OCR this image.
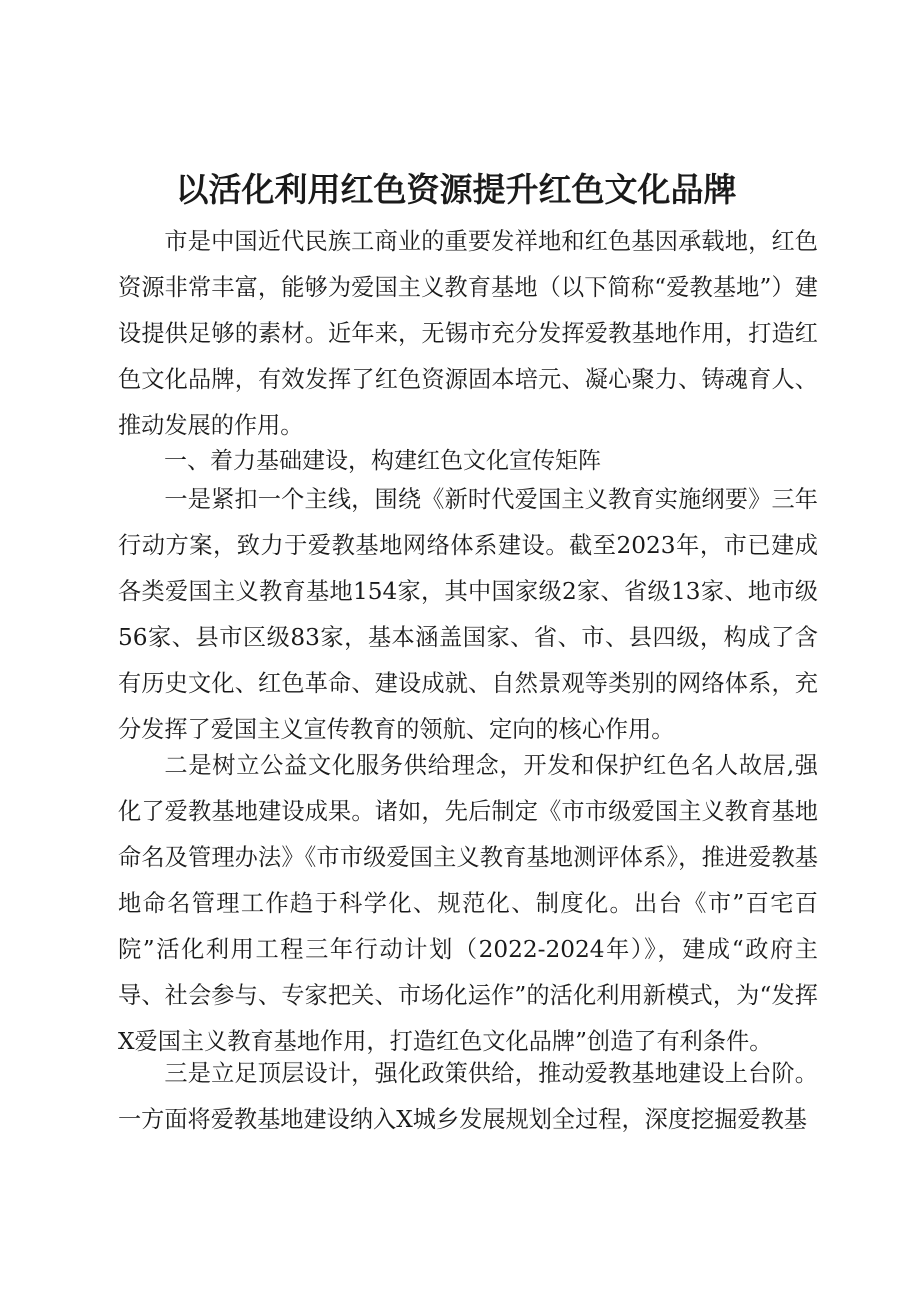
以活化利用红色资源提升红色文化品牌

市是中国近代民族工商业的重要发祥地和红色基因承载地，红色资源非常丰富，能够为爱国主义教育基地（以下简称“爱教基地”）建设提供足够的素材。近年来，无锡市充分发挥爱教基地作用，打造红色文化品牌，有效发挥了红色资源固本培元、凝心聚力、铸魂育人、推动发展的作用。

一、着力基础建设，构建红色文化宣传矩阵

一是紧扣一个主线，围绕《新时代爱国主义教育实施纲要》三年行动方案，致力于爱教基地网络体系建设。截至2023年，市已建成各类爱国主义教育基地154家，其中国家级2家、省级13家、地市级56家、县市区级83家，基本涵盖国家、省、市、县四级，构成了含有历史文化、红色革命、建设成就、自然景观等类别的网络体系，充分发挥了爱国主义宣传教育的领航、定向的核心作用。

二是树立公益文化服务供给理念，开发和保护红色名人故居,强化了爱教基地建设成果。诸如，先后制定《市市级爱国主义教育基地命名及管理办法》《市市级爱国主义教育基地测评体系》，推进爱教基地命名管理工作趋于科学化、规范化、制度化。出台《市”百宅百院”活化利用工程三年行动计划（2022-2024年）》，建成“政府主导、社会参与、专家把关、市场化运作”的活化利用新模式，为“发挥X爱国主义教育基地作用，打造红色文化品牌”创造了有利条件。

三是立足顶层设计，强化政策供给，推动爱教基地建设上台阶。一方面将爱教基地建设纳入X城乡发展规划全过程，深度挖掘爱教基
